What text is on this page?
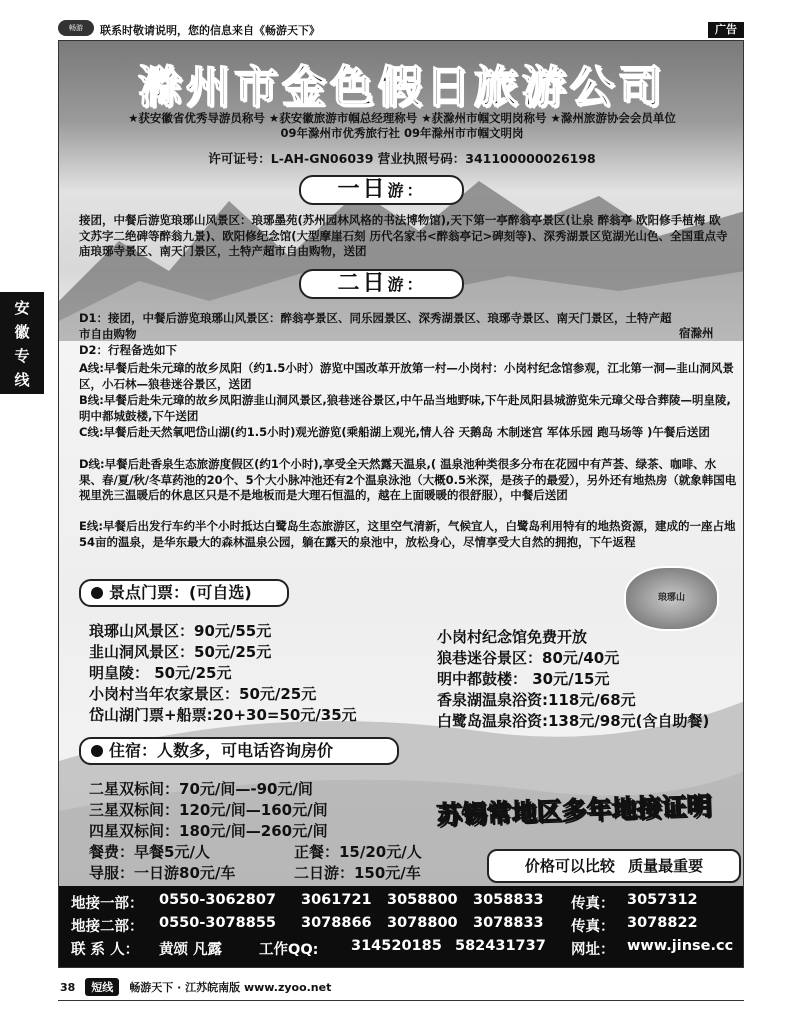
畅游	联系时敬请说明，您的信息来自《畅游天下》	广告
安
徽
专
线
滁州市金色假日旅游公司
★获安徽省优秀导游员称号 ★获安徽旅游市帼总经理称号 ★获滁州市帼文明岗称号 ★滁州旅游协会会员单位
09年滁州市优秀旅行社 09年滁州市市帼文明岗
许可证号：L-AH-GN06039 营业执照号码：341100000026198
一日游：
接团，中餐后游览琅琊山风景区：琅琊墨苑(苏州园林风格的书法博物馆),天下第一亭醉翁亭景区(让泉 醉翁亭 欧阳修手植梅 欧文苏字二绝碑等醉翁九景)、欧阳修纪念馆(大型摩崖石刻 历代名家书<醉翁亭记>碑刻等)、深秀湖景区览湖光山色、全国重点寺庙琅琊寺景区、南天门景区，土特产超市自由购物，送团
二日游：
D1：接团，中餐后游览琅琊山风景区：醉翁亭景区、同乐园景区、深秀湖景区、琅琊寺景区、南天门景区，土特产超市自由购物	宿滁州
D2：行程备选如下
A线:早餐后赴朱元璋的故乡凤阳（约1.5小时）游览中国改革开放第一村—小岗村：小岗村纪念馆参观，江北第一洞—韭山洞风景区，小石林—狼巷迷谷景区，送团
B线:早餐后赴朱元璋的故乡凤阳游韭山洞风景区,狼巷迷谷景区,中午品当地野味,下午赴凤阳县城游览朱元璋父母合葬陵—明皇陵,明中都城鼓楼,下午送团
C线:早餐后赴天然氧吧岱山湖(约1.5小时)观光游览(乘船湖上观光,情人谷 天鹅岛 木制迷宫 军体乐园 跑马场等 )午餐后送团
D线:早餐后赴香泉生态旅游度假区(约1个小时),享受全天然露天温泉,( 温泉池种类很多分布在花园中有芦荟、绿茶、咖啡、水果、春/夏/秋/冬草药池的20个、5个大小脉冲池还有2个温泉泳池（大概0.5米深，是孩子的最爱），另外还有地热房（就象韩国电视里洗三温暖后的休息区只是不是地板而是大理石恒温的，越在上面暖暖的很舒服），中餐后送团
E线:早餐后出发行车约半个小时抵达白鹭岛生态旅游区，这里空气清新，气候宜人，白鹭岛利用特有的地热资源，建成的一座占地54亩的温泉，是华东最大的森林温泉公园，躺在露天的泉池中，放松身心，尽情享受大自然的拥抱，下午返程
景点门票：(可自选)	琅琊山
琅琊山风景区：90元/55元
韭山洞风景区：50元/25元
明皇陵： 50元/25元
小岗村当年农家景区：50元/25元
岱山湖门票+船票:20+30=50元/35元
小岗村纪念馆免费开放
狼巷迷谷景区：80元/40元
明中都鼓楼： 30元/15元
香泉湖温泉浴资:118元/68元
白鹭岛温泉浴资:138元/98元(含自助餐)
住宿：人数多，可电话咨询房价
二星双标间：70元/间—-90元/间
三星双标间：120元/间—160元/间
四星双标间：180元/间—260元/间
餐费：早餐5元/人	正餐：15/20元/人
导服：一日游80元/车	二日游：150元/车
苏锡常地区多年地接证明
价格可以比较 质量最重要
地接一部： 0550-3062807 3061721 3058800 3058833 传真： 3057312
地接二部： 0550-3078855 3078866 3078800 3078833 传真： 3078822
联 系 人： 黄颂 凡露	工作QQ: 314520185 582431737 网址： www.jinse.cc
38	短线	畅游天下 · 江苏皖南版 www.zyoo.net
